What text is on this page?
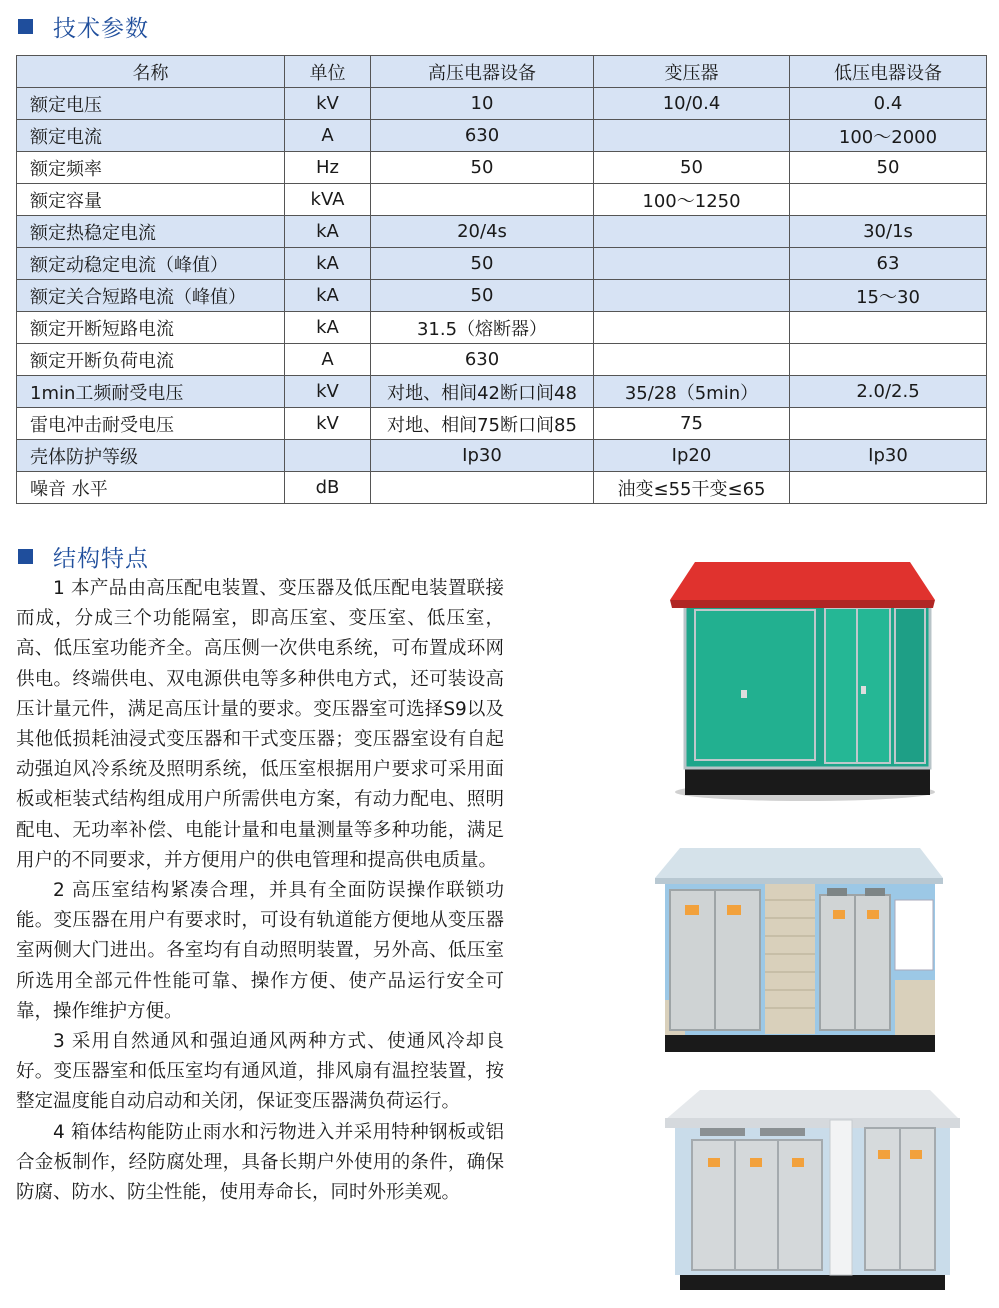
技术参数
名称	单位	高压电器设备	变压器	低压电器设备
额定电压	kV	10	10/0.4	0.4
额定电流	A	630		100～2000
额定频率	Hz	50	50	50
额定容量	kVA		100～1250	
额定热稳定电流	kA	20/4s		30/1s
额定动稳定电流（峰值）	kA	50		63
额定关合短路电流（峰值）	kA	50		15～30
额定开断短路电流	kA	31.5（熔断器）		
额定开断负荷电流	A	630		
1min工频耐受电压	kV	对地、相间42断口间48	35/28（5min）	2.0/2.5
雷电冲击耐受电压	kV	对地、相间75断口间85	75	
壳体防护等级		Ip30	Ip20	Ip30
噪音 水平	dB		油变≤55干变≤65	
结构特点

1 本产品由高压配电装置、变压器及低压配电装置联接而成，分成三个功能隔室，即高压室、变压室、低压室，高、低压室功能齐全。高压侧一次供电系统，可布置成环网供电。终端供电、双电源供电等多种供电方式，还可装设高压计量元件，满足高压计量的要求。变压器室可选择S9以及其他低损耗油浸式变压器和干式变压器；变压器室设有自起动强迫风冷系统及照明系统，低压室根据用户要求可采用面板或柜装式结构组成用户所需供电方案，有动力配电、照明配电、无功率补偿、电能计量和电量测量等多种功能，满足用户的不同要求，并方便用户的供电管理和提高供电质量。

2 高压室结构紧凑合理，并具有全面防误操作联锁功能。变压器在用户有要求时，可设有轨道能方便地从变压器室两侧大门进出。各室均有自动照明装置，另外高、低压室所选用全部元件性能可靠、操作方便、使产品运行安全可靠，操作维护方便。

3 采用自然通风和强迫通风两种方式、使通风冷却良好。变压器室和低压室均有通风道，排风扇有温控装置，按整定温度能自动启动和关闭，保证变压器满负荷运行。

4 箱体结构能防止雨水和污物进入并采用特种钢板或铝合金板制作，经防腐处理，具备长期户外使用的条件，确保防腐、防水、防尘性能，使用寿命长，同时外形美观。
